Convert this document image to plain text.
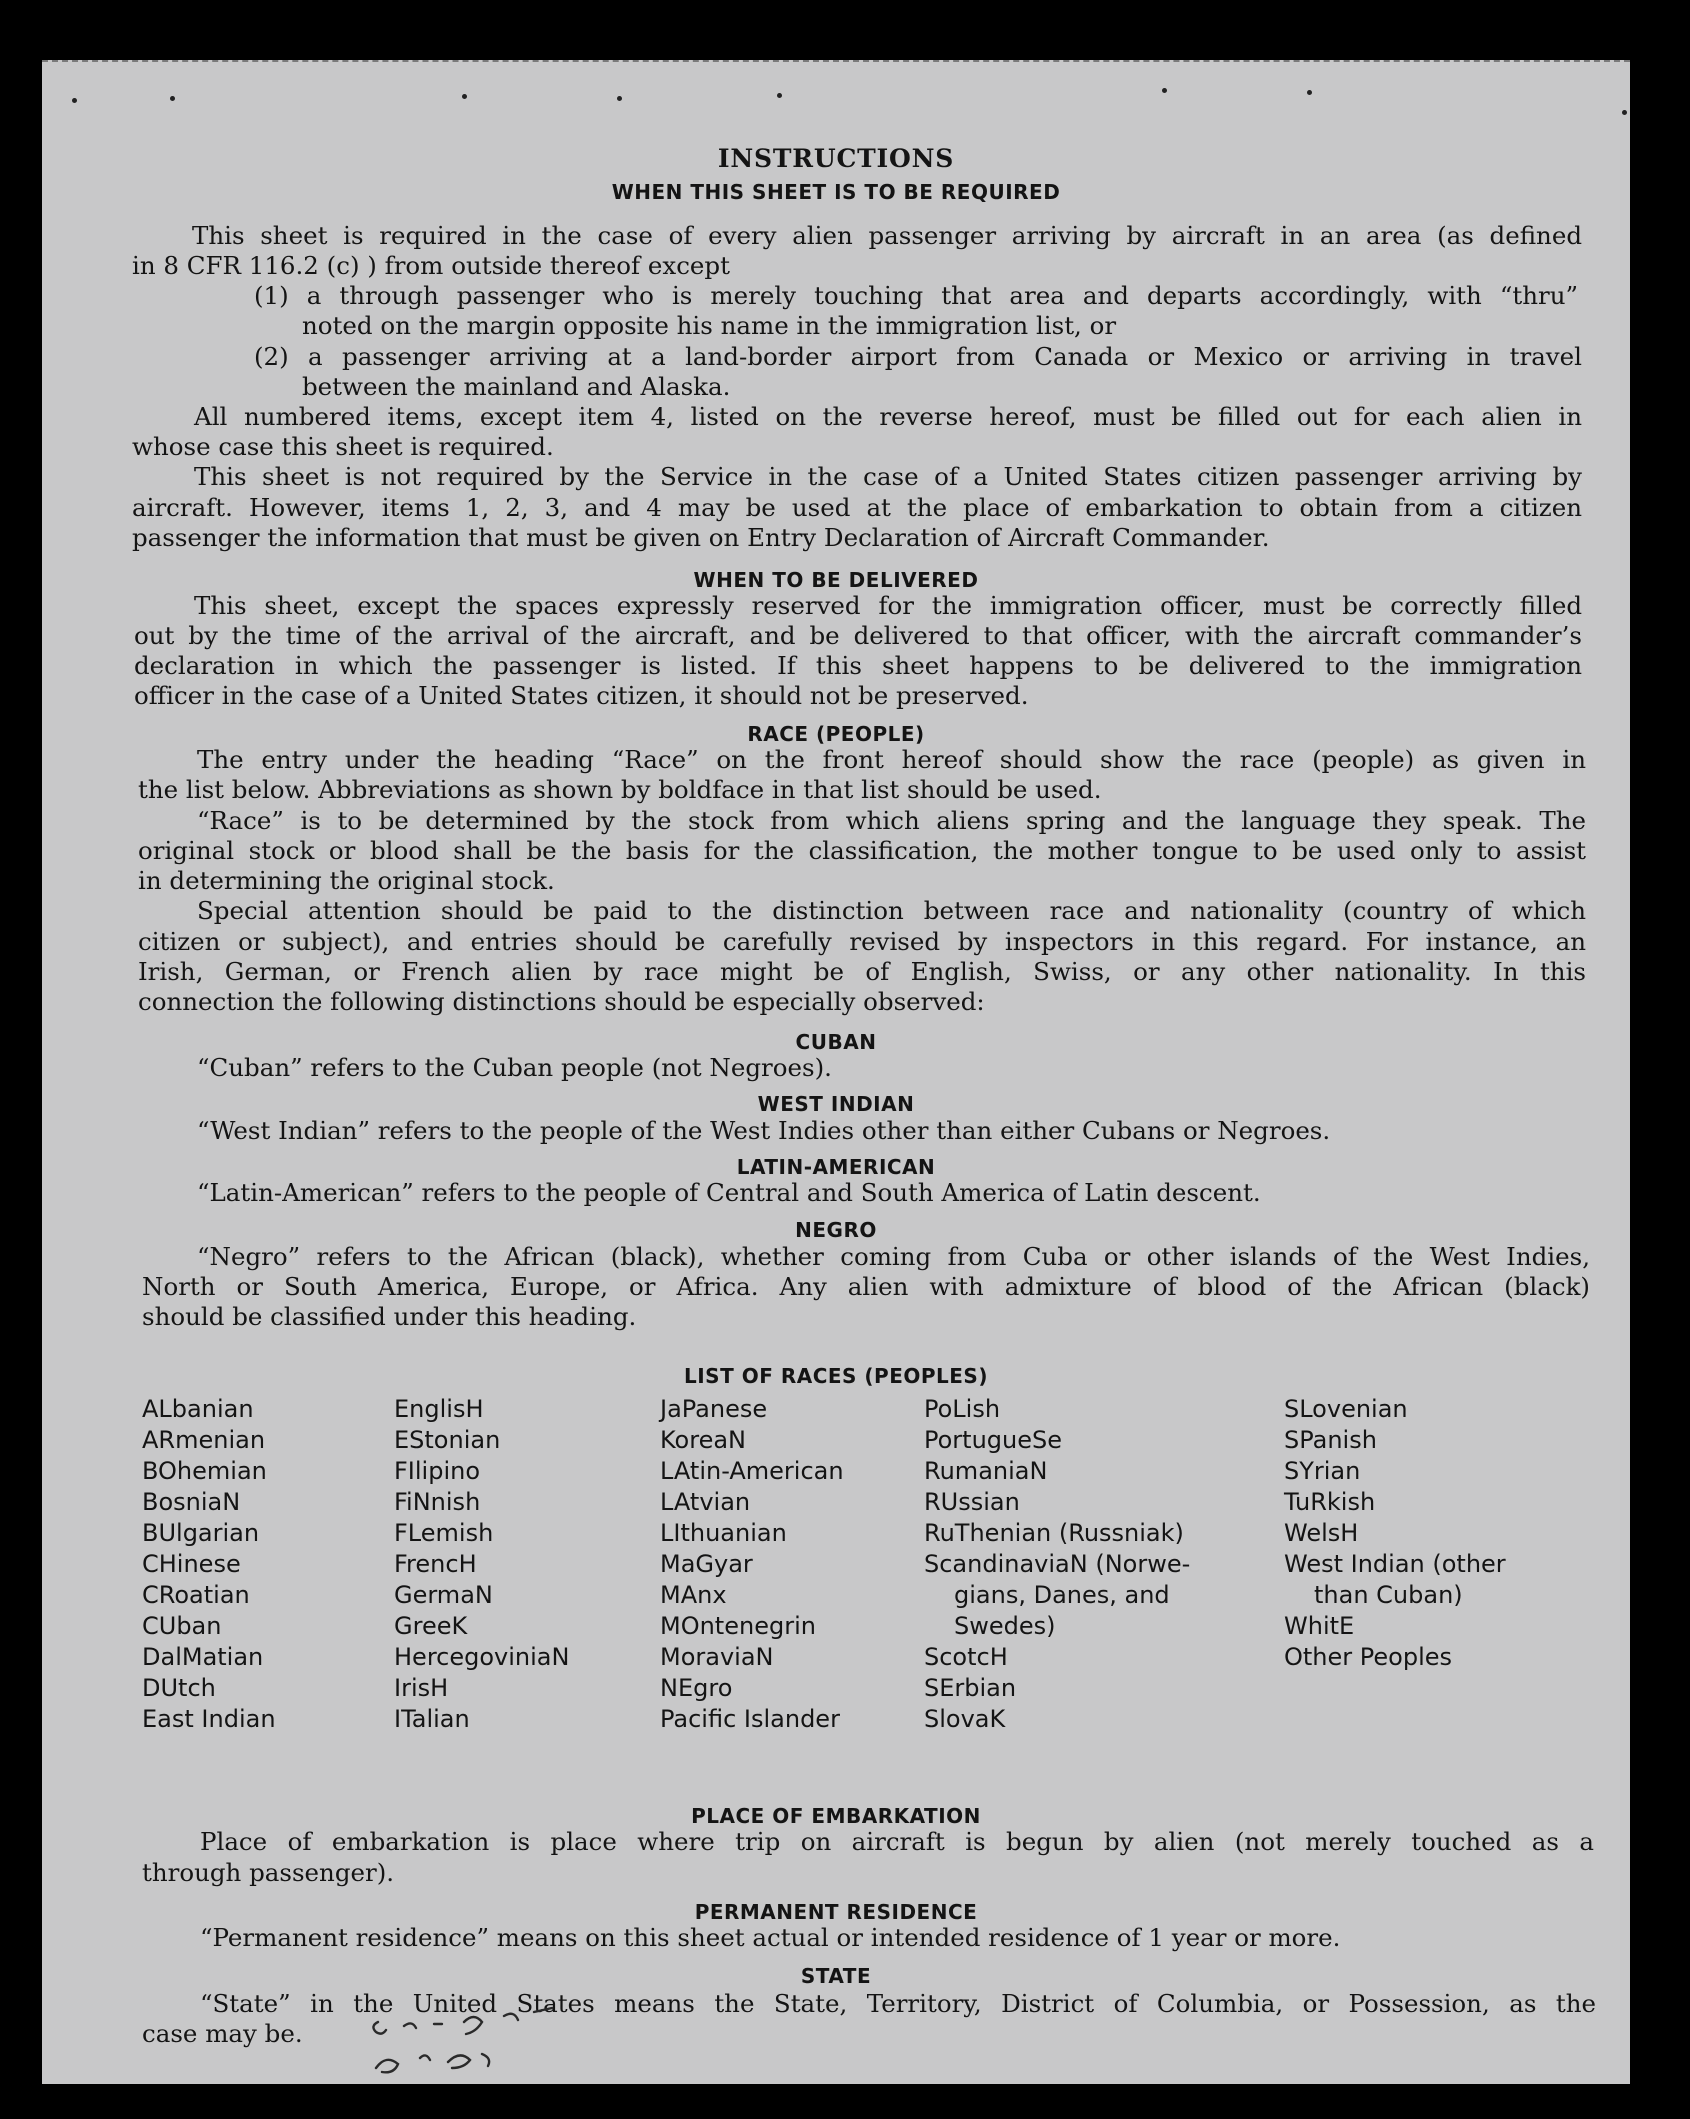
INSTRUCTIONS
WHEN THIS SHEET IS TO BE REQUIRED

This sheet is required in the case of every alien passenger arriving by aircraft in an area (as defined

in 8 CFR 116.2 (c) ) from outside thereof except

(1) a through passenger who is merely touching that area and departs accordingly, with “thru”

noted on the margin opposite his name in the immigration list, or

(2) a passenger arriving at a land-border airport from Canada or Mexico or arriving in travel

between the mainland and Alaska.

All numbered items, except item 4, listed on the reverse hereof, must be filled out for each alien in

whose case this sheet is required.

This sheet is not required by the Service in the case of a United States citizen passenger arriving by

aircraft. However, items 1, 2, 3, and 4 may be used at the place of embarkation to obtain from a citizen

passenger the information that must be given on Entry Declaration of Aircraft Commander.

WHEN TO BE DELIVERED

This sheet, except the spaces expressly reserved for the immigration officer, must be correctly filled

out by the time of the arrival of the aircraft, and be delivered to that officer, with the aircraft commander’s

declaration in which the passenger is listed. If this sheet happens to be delivered to the immigration

officer in the case of a United States citizen, it should not be preserved.

RACE (PEOPLE)

The entry under the heading “Race” on the front hereof should show the race (people) as given in

the list below. Abbreviations as shown by boldface in that list should be used.

“Race” is to be determined by the stock from which aliens spring and the language they speak. The

original stock or blood shall be the basis for the classification, the mother tongue to be used only to assist

in determining the original stock.

Special attention should be paid to the distinction between race and nationality (country of which

citizen or subject), and entries should be carefully revised by inspectors in this regard. For instance, an

Irish, German, or French alien by race might be of English, Swiss, or any other nationality. In this

connection the following distinctions should be especially observed:

CUBAN

“Cuban” refers to the Cuban people (not Negroes).

WEST INDIAN

“West Indian” refers to the people of the West Indies other than either Cubans or Negroes.

LATIN-AMERICAN

“Latin-American” refers to the people of Central and South America of Latin descent.

NEGRO

“Negro” refers to the African (black), whether coming from Cuba or other islands of the West Indies,

North or South America, Europe, or Africa. Any alien with admixture of blood of the African (black)

should be classified under this heading.

LIST OF RACES (PEOPLES)
ALbanian
ARmenian
BOhemian
BosniaN
BUlgarian
CHinese
CRoatian
CUban
DalMatian
DUtch
East Indian
EnglisH
EStonian
FIlipino
FiNnish
FLemish
FrencH
GermaN
GreeK
HercegoviniaN
IrisH
ITalian
JaPanese
KoreaN
LAtin-American
LAtvian
LIthuanian
MaGyar
MAnx
MOntenegrin
MoraviaN
NEgro
Pacific Islander
PoLish
PortugueSe
RumaniaN
RUssian
RuThenian (Russniak)
ScandinaviaN (Norwe-
gians, Danes, and
Swedes)
ScotcH
SErbian
SlovaK
SLovenian
SPanish
SYrian
TuRkish
WelsH
West Indian (other
than Cuban)
WhitE
Other Peoples
PLACE OF EMBARKATION

Place of embarkation is place where trip on aircraft is begun by alien (not merely touched as a

through passenger).

PERMANENT RESIDENCE

“Permanent residence” means on this sheet actual or intended residence of 1 year or more.

STATE

“State” in the United States means the State, Territory, District of Columbia, or Possession, as the

case may be.
